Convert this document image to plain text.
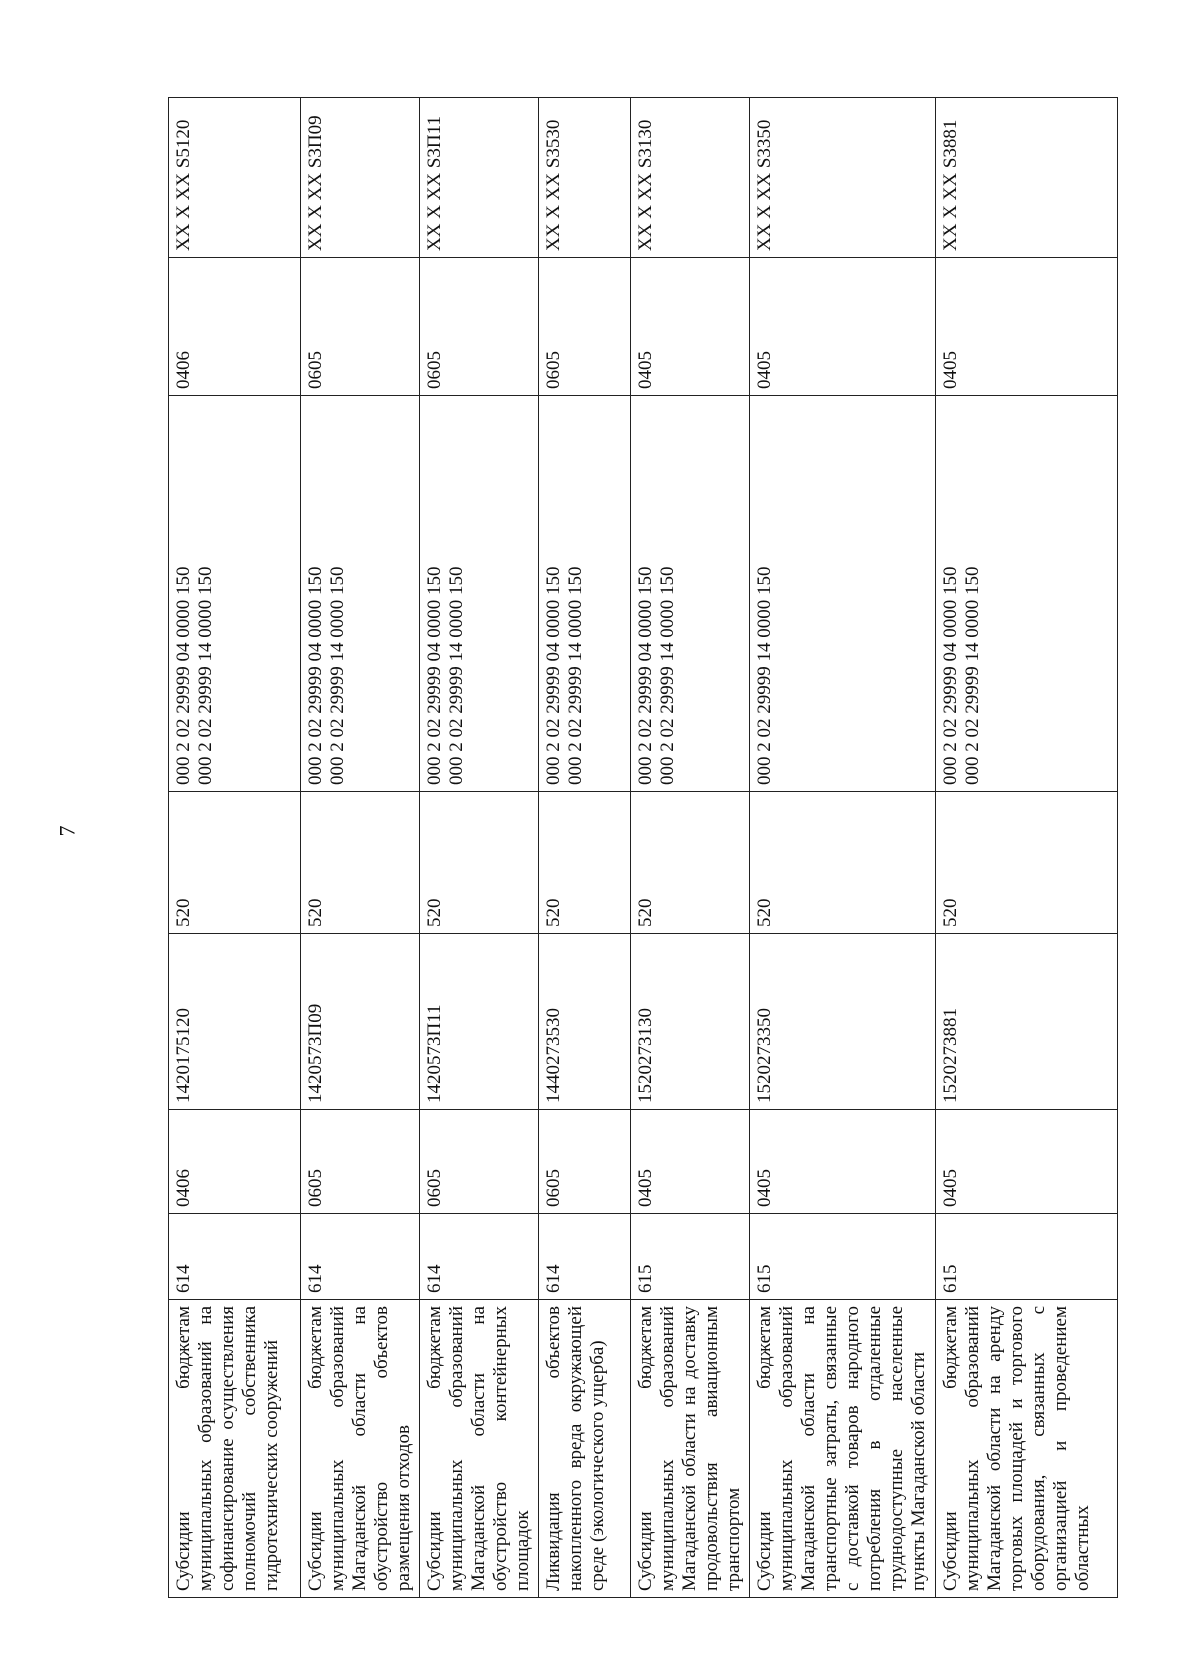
7
Субсидии бюджетам муниципальных образований на софинансирование осуществления полномочий собственника гидротехнических сооружений	614	0406	1420175120	520	000 2 02 29999 04 0000 150 000 2 02 29999 14 0000 150	0406	XX X XX S5120
Субсидии бюджетам муниципальных образований Магаданской области на обустройство объектов размещения отходов	614	0605	1420573П09	520	000 2 02 29999 04 0000 150 000 2 02 29999 14 0000 150	0605	XX X XX S3П09
Субсидии бюджетам муниципальных образований Магаданской области на обустройство контейнерных площадок	614	0605	1420573П11	520	000 2 02 29999 04 0000 150 000 2 02 29999 14 0000 150	0605	XX X XX S3П11
Ликвидация объектов накопленного вреда окружающей среде (экологического ущерба)	614	0605	1440273530	520	000 2 02 29999 04 0000 150 000 2 02 29999 14 0000 150	0605	XX X XX S3530
Субсидии бюджетам муниципальных образований Магаданской области на доставку продовольствия авиационным транспортом	615	0405	1520273130	520	000 2 02 29999 04 0000 150 000 2 02 29999 14 0000 150	0405	XX X XX S3130
Субсидии бюджетам муниципальных образований Магаданской области на транспортные затраты, связанные с доставкой товаров народного потребления в отдаленные труднодоступные населенные пункты Магаданской области	615	0405	1520273350	520	000 2 02 29999 14 0000 150	0405	XX X XX S3350
Субсидии бюджетам муниципальных образований Магаданской области на аренду торговых площадей и торгового оборудования, связанных с организацией и проведением областных	615	0405	1520273881	520	000 2 02 29999 04 0000 150 000 2 02 29999 14 0000 150	0405	XX X XX S3881
